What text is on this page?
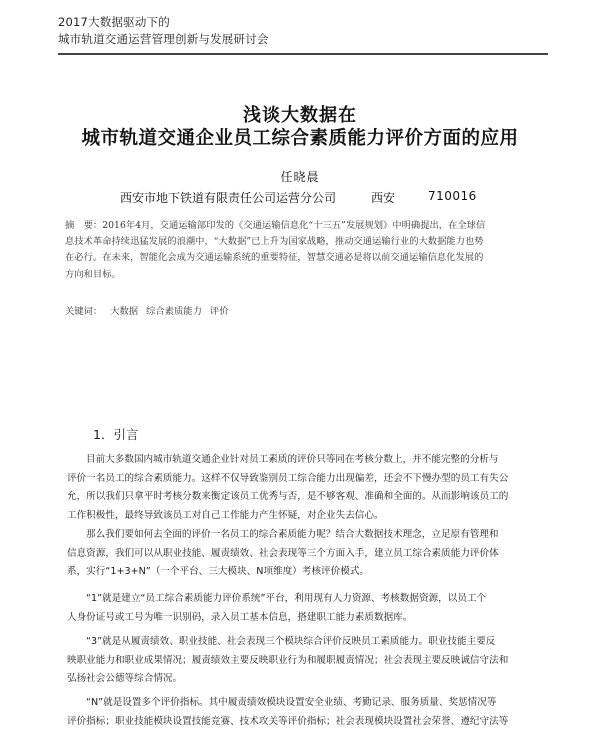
2017大数据驱动下的
城市轨道交通运营管理创新与发展研讨会
浅谈大数据在
城市轨道交通企业员工综合素质能力评价方面的应用
任晓晨
西安市地下铁道有限责任公司运营分公司	西安	710016
摘　要：2016年4月，交通运输部印发的《交通运输信息化“十三五”发展规划》中明确提出，在全球信
息技术革命持续迅猛发展的浪潮中，“大数据”已上升为国家战略，推动交通运输行业的大数据能力也势
在必行。在未来，智能化会成为交通运输系统的重要特征，智慧交通必是将以前交通运输信息化发展的
方向和目标。
关键词： 大数据 综合素质能力 评价
1．引言
目前大多数国内城市轨道交通企业针对员工素质的评价只等同在考核分数上，并不能完整的分析与
评价一名员工的综合素质能力。这样不仅导致鉴别员工综合能力出现偏差，还会不下慢办型的员工有失公
允，所以我们只拿平时考核分数来衡定该员工优秀与否，是不够客观、准确和全面的。从而影响该员工的
工作积极性，最终导致该员工对自己工作能力产生怀疑，对企业失去信心。
那么我们要如何去全面的评价一名员工的综合素质能力呢？结合大数据技术理念，立足原有管理和
信息资源，我们可以从职业技能、履责绩效、社会表现等三个方面入手，建立员工综合素质能力评价体
系，实行“1+3+N”（一个平台、三大模块、N项维度）考核评价模式。
“1”就是建立“员工综合素质能力评价系统”平台，利用现有人力资源、考核数据资源，以员工个
人身份证号或工号为唯一识别码，录入员工基本信息，搭建职工能力素质数据库。
“3”就是从履责绩效、职业技能、社会表现三个模块综合评价反映员工素质能力。职业技能主要反
映职业能力和职业成果情况；履责绩效主要反映职业行为和履职履责情况；社会表现主要反映诚信守法和
弘扬社会公德等综合情况。
“N”就是设置多个评价指标。其中履责绩效模块设置安全业绩、考勤记录、服务质量、奖惩情况等
评价指标；职业技能模块设置技能竞赛、技术攻关等评价指标；社会表现模块设置社会荣誉、遵纪守法等
